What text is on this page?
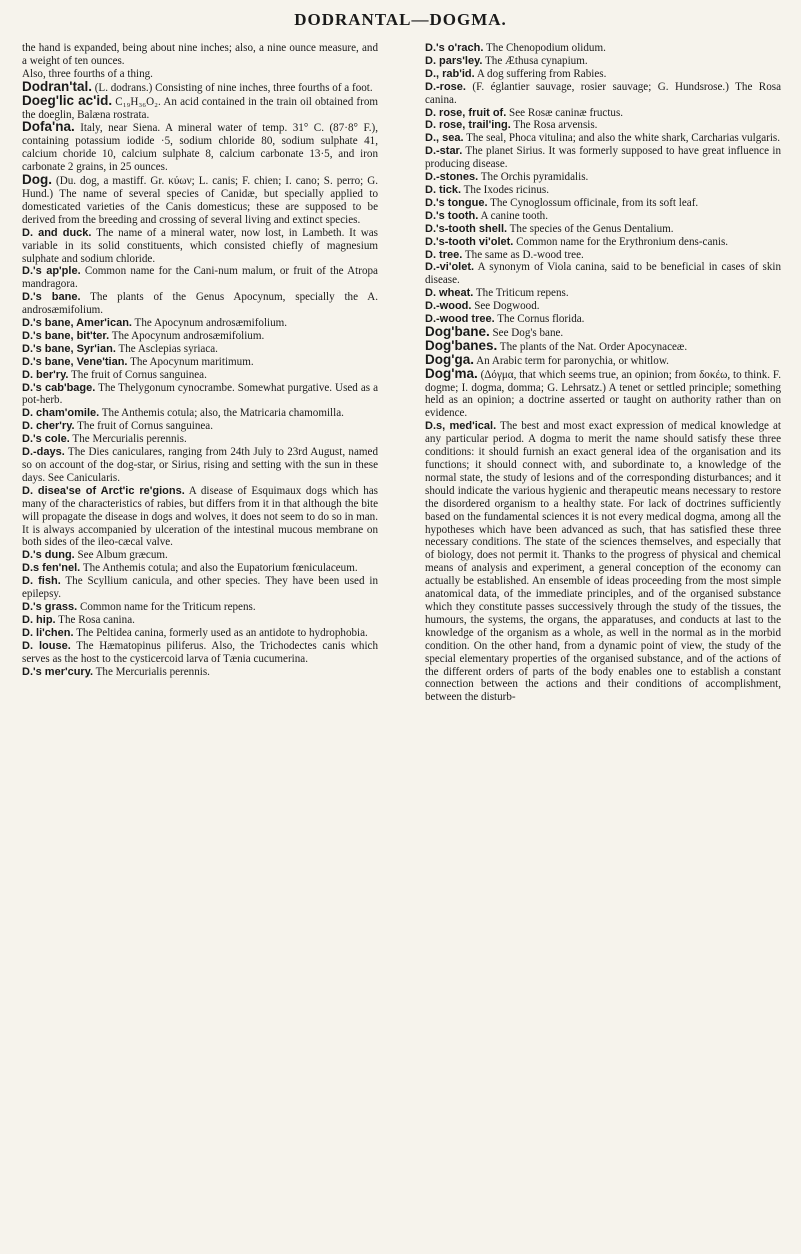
DODRANTAL—DOGMA.

the hand is expanded, being about nine inches; also, a nine ounce measure, and a weight of ten ounces.

Also, three fourths of a thing.

Dodran'tal. (L. dodrans.) Consisting of nine inches, three fourths of a foot.

Doeg'lic ac'id. C₁₉H₃₆O₂. An acid contained in the train oil obtained from the doeglin, Balæna rostrata.

Dofa'na. Italy, near Siena. A mineral water of temp. 31° C. (87·8° F.), containing potassium iodide ·5, sodium chloride 80, sodium sulphate 41, calcium choride 10, calcium sulphate 8, calcium carbonate 13·5, and iron carbonate 2 grains, in 25 ounces.

Dog. (Du. dog, a mastiff. Gr. κύων; L. canis; F. chien; I. cano; S. perro; G. Hund.) The name of several species of Canidæ, but specially applied to domesticated varieties of the Canis domesticus; these are supposed to be derived from the breeding and crossing of several living and extinct species.

D. and duck. The name of a mineral water, now lost, in Lambeth. It was variable in its solid constituents, which consisted chiefly of magnesium sulphate and sodium chloride.

D.'s ap'ple. Common name for the Cani-num malum, or fruit of the Atropa mandragora.

D.'s bane. The plants of the Genus Apocynum, specially the A. androsæmifolium.

D.'s bane, Amer'ican. The Apocynum androsæmifolium.

D.'s bane, bit'ter. The Apocynum androsæmifolium.

D.'s bane, Syr'ian. The Asclepias syriaca.

D.'s bane, Vene'tian. The Apocynum maritimum.

D. ber'ry. The fruit of Cornus sanguinea.

D.'s cab'bage. The Thelygonum cynocrambe. Somewhat purgative. Used as a pot-herb.

D. cham'omile. The Anthemis cotula; also, the Matricaria chamomilla.

D. cher'ry. The fruit of Cornus sanguinea.

D.'s cole. The Mercurialis perennis.

D.-days. The Dies caniculares, ranging from 24th July to 23rd August, named so on account of the dog-star, or Sirius, rising and setting with the sun in these days. See Canicularis.

D. disea'se of Arct'ic re'gions. A disease of Esquimaux dogs which has many of the characteristics of rabies, but differs from it in that although the bite will propagate the disease in dogs and wolves, it does not seem to do so in man. It is always accompanied by ulceration of the intestinal mucous membrane on both sides of the ileo-cæcal valve.

D.'s dung. See Album græcum.

D.s fen'nel. The Anthemis cotula; and also the Eupatorium fœniculaceum.

D. fish. The Scyllium canicula, and other species. They have been used in epilepsy.

D.'s grass. Common name for the Triticum repens.

D. hip. The Rosa canina.

D. li'chen. The Peltidea canina, formerly used as an antidote to hydrophobia.

D. louse. The Hæmatopinus piliferus. Also, the Trichodectes canis which serves as the host to the cysticercoid larva of Tænia cucumerina.

D.'s mer'cury. The Mercurialis perennis.

D.'s o'rach. The Chenopodium olidum.

D. pars'ley. The Æthusa cynapium.

D., rab'id. A dog suffering from Rabies.

D.-rose. (F. églantier sauvage, rosier sauvage; G. Hundsrose.) The Rosa canina.

D. rose, fruit of. See Rosæ caninæ fructus.

D. rose, trail'ing. The Rosa arvensis.

D., sea. The seal, Phoca vitulina; and also the white shark, Carcharias vulgaris.

D.-star. The planet Sirius. It was formerly supposed to have great influence in producing disease.

D.-stones. The Orchis pyramidalis.

D. tick. The Ixodes ricinus.

D.'s tongue. The Cynoglossum officinale, from its soft leaf.

D.'s tooth. A canine tooth.

D.'s-tooth shell. The species of the Genus Dentalium.

D.'s-tooth vi'olet. Common name for the Erythronium dens-canis.

D. tree. The same as D.-wood tree.

D.-vi'olet. A synonym of Viola canina, said to be beneficial in cases of skin disease.

D. wheat. The Triticum repens.

D.-wood. See Dogwood.

D.-wood tree. The Cornus florida.

Dog'bane. See Dog's bane.

Dog'banes. The plants of the Nat. Order Apocynaceæ.

Dog'ga. An Arabic term for paronychia, or whitlow.

Dog'ma. (Δόγμα, that which seems true, an opinion; from δοκέω, to think. F. dogme; I. dogma, domma; G. Lehrsatz.) A tenet or settled principle; something held as an opinion; a doctrine asserted or taught on authority rather than on evidence.

D.s, med'ical. The best and most exact expression of medical knowledge at any particular period. A dogma to merit the name should satisfy these three conditions: it should furnish an exact general idea of the organisation and its functions; it should connect with, and subordinate to, a knowledge of the normal state, the study of lesions and of the corresponding disturbances; and it should indicate the various hygienic and therapeutic means necessary to restore the disordered organism to a healthy state. For lack of doctrines sufficiently based on the fundamental sciences it is not every medical dogma, among all the hypotheses which have been advanced as such, that has satisfied these three necessary conditions. The state of the sciences themselves, and especially that of biology, does not permit it. Thanks to the progress of physical and chemical means of analysis and experiment, a general conception of the economy can actually be established. An ensemble of ideas proceeding from the most simple anatomical data, of the immediate principles, and of the organised substance which they constitute passes successively through the study of the tissues, the humours, the systems, the organs, the apparatuses, and conducts at last to the knowledge of the organism as a whole, as well in the normal as in the morbid condition. On the other hand, from a dynamic point of view, the study of the special elementary properties of the organised substance, and of the actions of the different orders of parts of the body enables one to establish a constant connection between the actions and their conditions of accomplishment, between the disturb-
